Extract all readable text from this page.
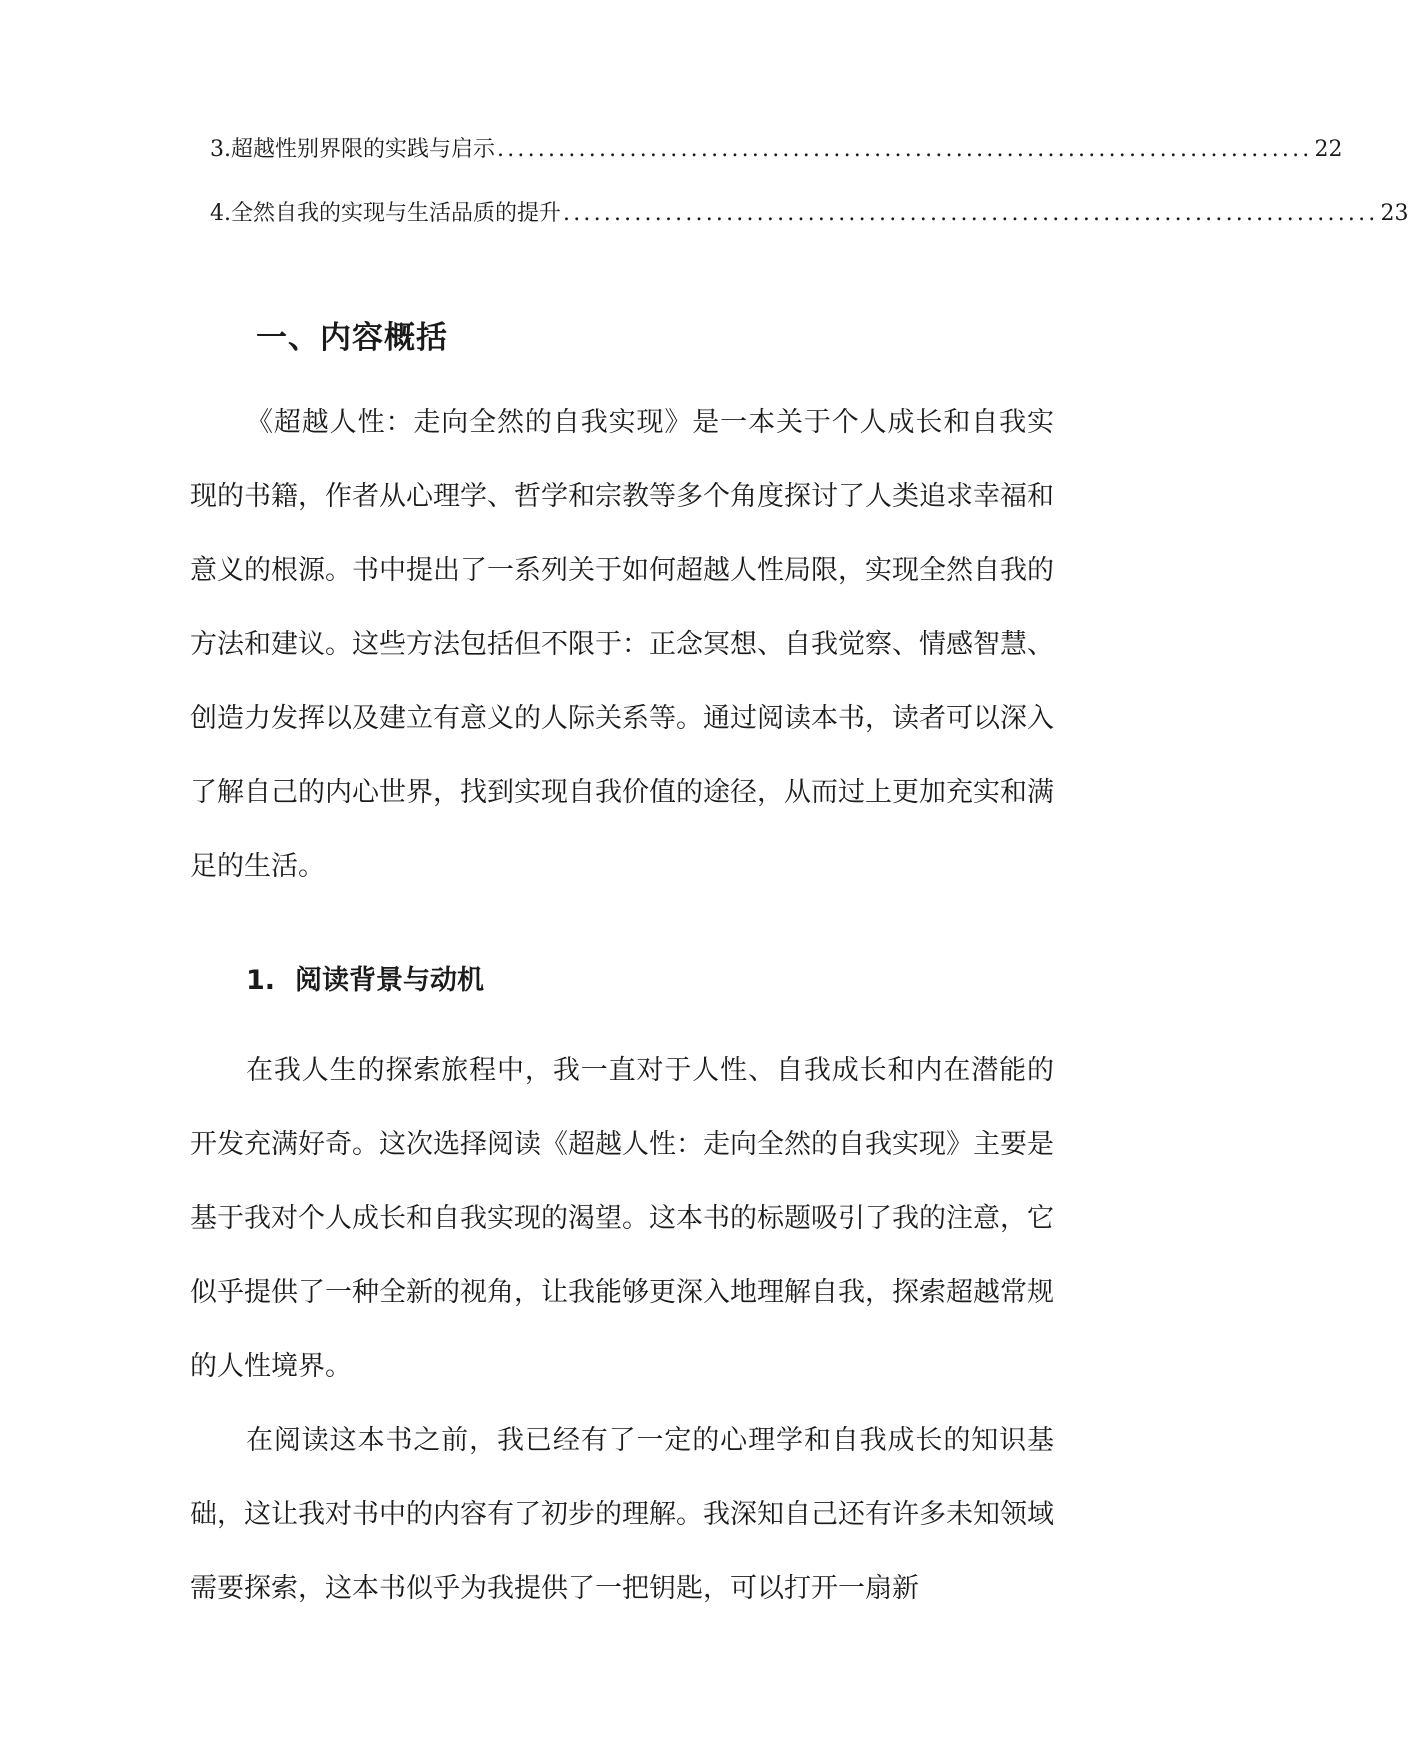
3. 超越性别界限的实践与启示 ................................................................................ 22
4. 全然自我的实现与生活品质的提升 ................................................................................ 23
一、内容概括

《超越人性：走向全然的自我实现》是一本关于个人成长和自我实现的书籍，作者从心理学、哲学和宗教等多个角度探讨了人类追求幸福和意义的根源。书中提出了一系列关于如何超越人性局限，实现全然自我的方法和建议。这些方法包括但不限于：正念冥想、自我觉察、情感智慧、创造力发挥以及建立有意义的人际关系等。通过阅读本书，读者可以深入了解自己的内心世界，找到实现自我价值的途径，从而过上更加充实和满足的生活。

1. 阅读背景与动机

在我人生的探索旅程中，我一直对于人性、自我成长和内在潜能的开发充满好奇。这次选择阅读《超越人性：走向全然的自我实现》主要是基于我对个人成长和自我实现的渴望。这本书的标题吸引了我的注意，它似乎提供了一种全新的视角，让我能够更深入地理解自我，探索超越常规的人性境界。

在阅读这本书之前，我已经有了一定的心理学和自我成长的知识基础，这让我对书中的内容有了初步的理解。我深知自己还有许多未知领域需要探索，这本书似乎为我提供了一把钥匙，可以打开一扇新
